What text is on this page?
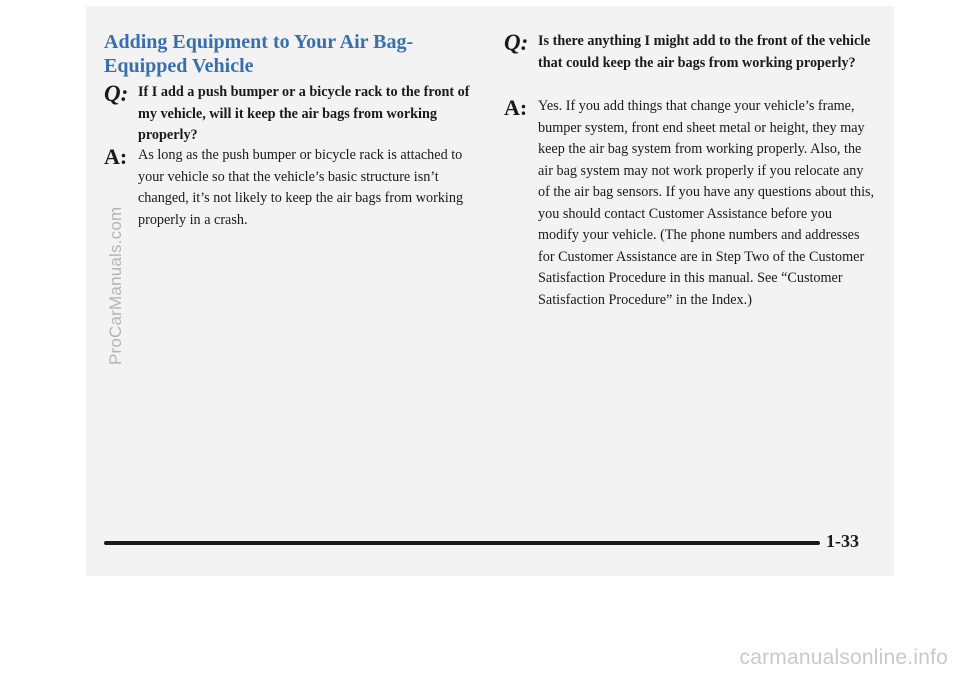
ProCarManuals.com
Adding Equipment to Your Air Bag-Equipped Vehicle
Q: If I add a push bumper or a bicycle rack to the front of my vehicle, will it keep the air bags from working properly?
A: As long as the push bumper or bicycle rack is attached to your vehicle so that the vehicle’s basic structure isn’t changed, it’s not likely to keep the air bags from working properly in a crash.
Q: Is there anything I might add to the front of the vehicle that could keep the air bags from working properly?
A: Yes. If you add things that change your vehicle’s frame, bumper system, front end sheet metal or height, they may keep the air bag system from working properly. Also, the air bag system may not work properly if you relocate any of the air bag sensors. If you have any questions about this, you should contact Customer Assistance before you modify your vehicle. (The phone numbers and addresses for Customer Assistance are in Step Two of the Customer Satisfaction Procedure in this manual. See “Customer Satisfaction Procedure” in the Index.)
1-33
carmanualsonline.info
